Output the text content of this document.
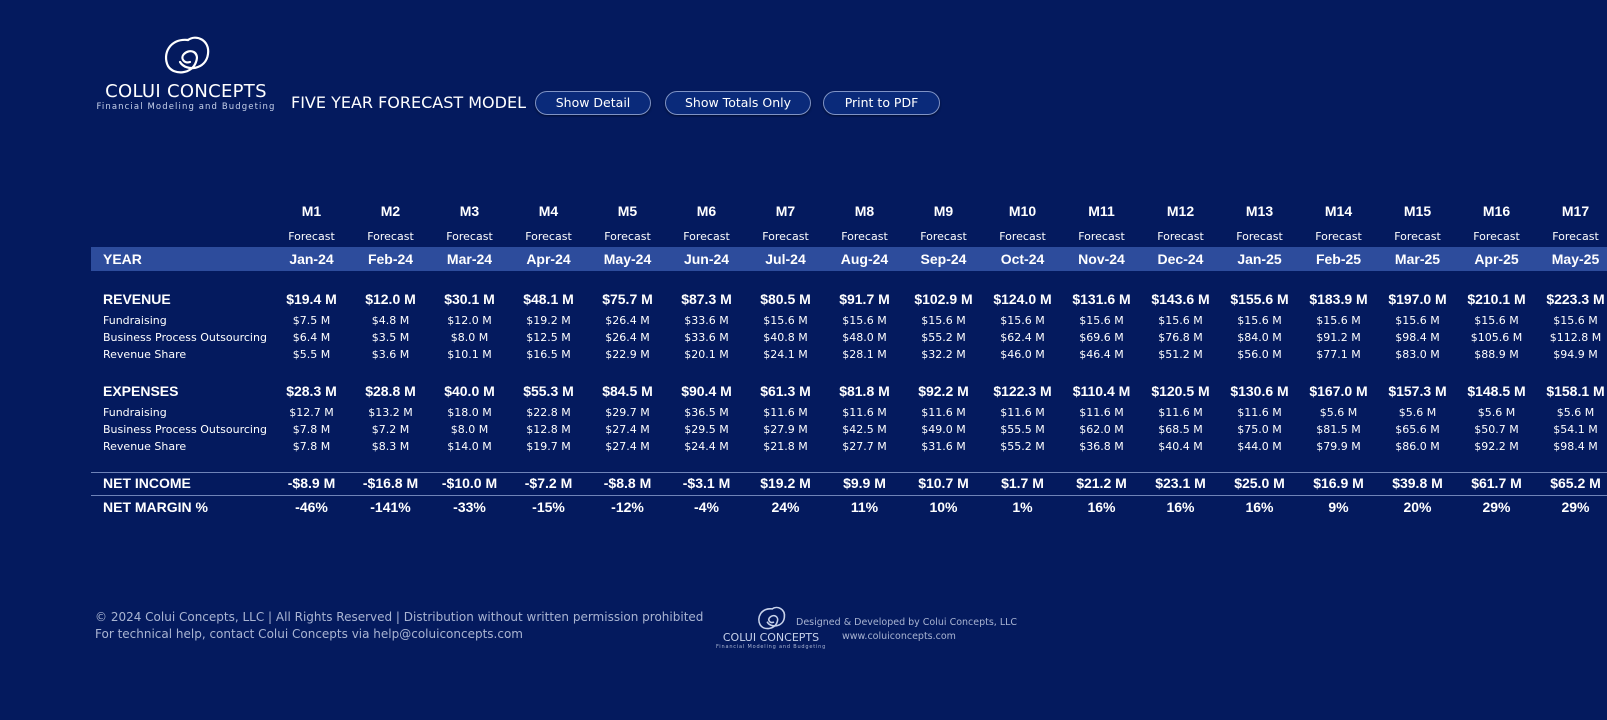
COLUI CONCEPTS
Financial Modeling and Budgeting FIVE YEAR FORECAST MODEL	Show Detail	Show Totals Only	Print to PDF
M1	M2	M3	M4	M5	M6	M7	M8	M9	M10	M11	M12	M13	M14	M15	M16	M17
Forecast	Forecast	Forecast	Forecast	Forecast	Forecast	Forecast	Forecast	Forecast	Forecast	Forecast	Forecast	Forecast	Forecast	Forecast	Forecast	Forecast
YEAR	Jan-24	Feb-24	Mar-24	Apr-24	May-24	Jun-24	Jul-24	Aug-24	Sep-24	Oct-24	Nov-24	Dec-24	Jan-25	Feb-25	Mar-25	Apr-25	May-25
REVENUE	$19.4 M	$12.0 M	$30.1 M	$48.1 M	$75.7 M	$87.3 M	$80.5 M	$91.7 M	$102.9 M	$124.0 M	$131.6 M	$143.6 M	$155.6 M	$183.9 M	$197.0 M	$210.1 M	$223.3 M
Fundraising	$7.5 M	$4.8 M	$12.0 M	$19.2 M	$26.4 M	$33.6 M	$15.6 M	$15.6 M	$15.6 M	$15.6 M	$15.6 M	$15.6 M	$15.6 M	$15.6 M	$15.6 M	$15.6 M	$15.6 M
Business Process Outsourcing	$6.4 M	$3.5 M	$8.0 M	$12.5 M	$26.4 M	$33.6 M	$40.8 M	$48.0 M	$55.2 M	$62.4 M	$69.6 M	$76.8 M	$84.0 M	$91.2 M	$98.4 M	$105.6 M	$112.8 M
Revenue Share	$5.5 M	$3.6 M	$10.1 M	$16.5 M	$22.9 M	$20.1 M	$24.1 M	$28.1 M	$32.2 M	$46.0 M	$46.4 M	$51.2 M	$56.0 M	$77.1 M	$83.0 M	$88.9 M	$94.9 M
EXPENSES	$28.3 M	$28.8 M	$40.0 M	$55.3 M	$84.5 M	$90.4 M	$61.3 M	$81.8 M	$92.2 M	$122.3 M	$110.4 M	$120.5 M	$130.6 M	$167.0 M	$157.3 M	$148.5 M	$158.1 M
Fundraising	$12.7 M	$13.2 M	$18.0 M	$22.8 M	$29.7 M	$36.5 M	$11.6 M	$11.6 M	$11.6 M	$11.6 M	$11.6 M	$11.6 M	$11.6 M	$5.6 M	$5.6 M	$5.6 M	$5.6 M
Business Process Outsourcing	$7.8 M	$7.2 M	$8.0 M	$12.8 M	$27.4 M	$29.5 M	$27.9 M	$42.5 M	$49.0 M	$55.5 M	$62.0 M	$68.5 M	$75.0 M	$81.5 M	$65.6 M	$50.7 M	$54.1 M
Revenue Share	$7.8 M	$8.3 M	$14.0 M	$19.7 M	$27.4 M	$24.4 M	$21.8 M	$27.7 M	$31.6 M	$55.2 M	$36.8 M	$40.4 M	$44.0 M	$79.9 M	$86.0 M	$92.2 M	$98.4 M
NET INCOME	-$8.9 M	-$16.8 M	-$10.0 M	-$7.2 M	-$8.8 M	-$3.1 M	$19.2 M	$9.9 M	$10.7 M	$1.7 M	$21.2 M	$23.1 M	$25.0 M	$16.9 M	$39.8 M	$61.7 M	$65.2 M
NET MARGIN %	-46%	-141%	-33%	-15%	-12%	-4%	24%	11%	10%	1%	16%	16%	16%	9%	20%	29%	29%
© 2024 Colui Concepts, LLC | All Rights Reserved | Distribution without written permission prohibited
For technical help, contact Colui Concepts via help@coluiconcepts.com	COLUI CONCEPTS
Financial Modeling and Budgeting
Designed & Developed by Colui Concepts, LLC
www.coluiconcepts.com
